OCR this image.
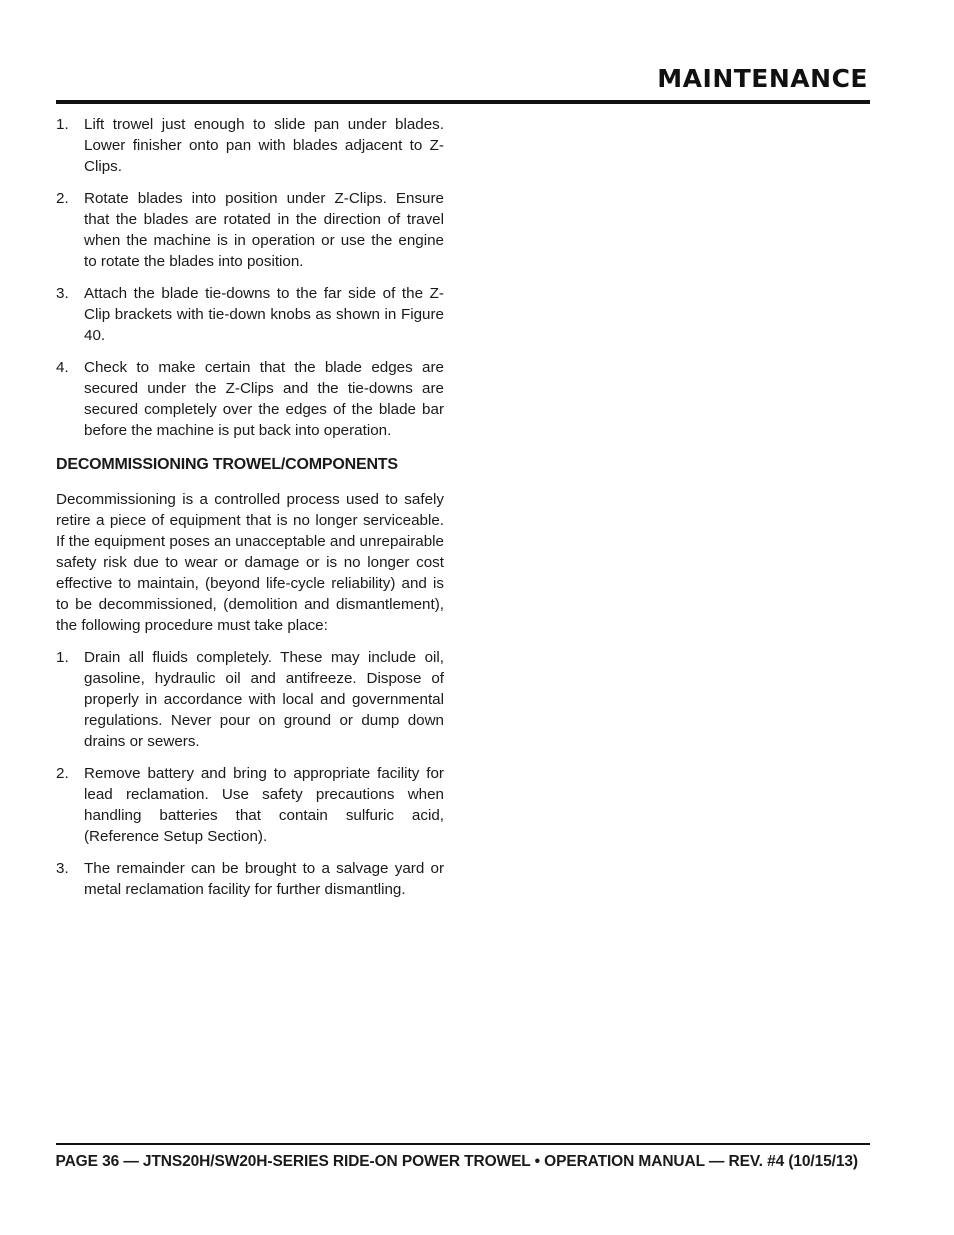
MAINTENANCE
1. Lift trowel just enough to slide pan under blades. Lower finisher onto pan with blades adjacent to Z-Clips.
2. Rotate blades into position under Z-Clips. Ensure that the blades are rotated in the direction of travel when the machine is in operation or use the engine to rotate the blades into position.
3. Attach the blade tie-downs to the far side of the Z-Clip brackets with tie-down knobs as shown in Figure 40.
4. Check to make certain that the blade edges are secured under the Z-Clips and the tie-downs are secured completely over the edges of the blade bar before the machine is put back into operation.
DECOMMISSIONING TROWEL/COMPONENTS

Decommissioning is a controlled process used to safely retire a piece of equipment that is no longer serviceable. If the equipment poses an unacceptable and unrepairable safety risk due to wear or damage or is no longer cost effective to maintain, (beyond life-cycle reliability) and is to be decommissioned, (demolition and dismantlement), the following procedure must take place:

1. Drain all fluids completely. These may include oil, gasoline, hydraulic oil and antifreeze. Dispose of properly in accordance with local and governmental regulations. Never pour on ground or dump down drains or sewers.
2. Remove battery and bring to appropriate facility for lead reclamation. Use safety precautions when handling batteries that contain sulfuric acid, (Reference Setup Section).
3. The remainder can be brought to a salvage yard or metal reclamation facility for further dismantling.
PAGE 36 — JTNS20H/SW20H-SERIES RIDE-ON POWER TROWEL • OPERATION MANUAL — REV. #4 (10/15/13)
